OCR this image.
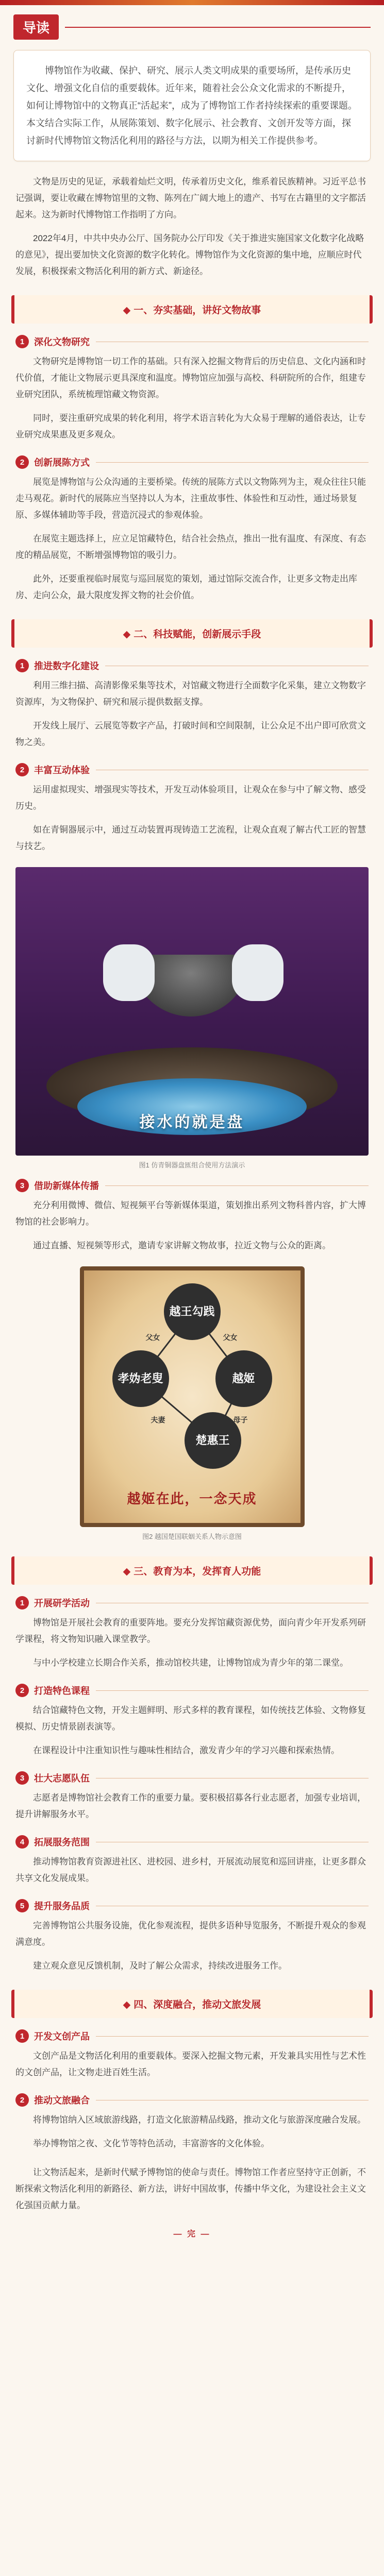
导读

博物馆作为收藏、保护、研究、展示人类文明成果的重要场所，是传承历史文化、增强文化自信的重要载体。近年来，随着社会公众文化需求的不断提升，如何让博物馆中的文物真正“活起来”，成为了博物馆工作者持续探索的重要课题。本文结合实际工作，从展陈策划、数字化展示、社会教育、文创开发等方面，探讨新时代博物馆文物活化利用的路径与方法，以期为相关工作提供参考。

文物是历史的见证，承载着灿烂文明，传承着历史文化，维系着民族精神。习近平总书记强调，要让收藏在博物馆里的文物、陈列在广阔大地上的遗产、书写在古籍里的文字都活起来。这为新时代博物馆工作指明了方向。

2022年4月，中共中央办公厅、国务院办公厅印发《关于推进实施国家文化数字化战略的意见》，提出要加快文化资源的数字化转化。博物馆作为文化资源的集中地，应顺应时代发展，积极探索文物活化利用的新方式、新途径。

◆ 一、夯实基础，讲好文物故事
1	深化文物研究

文物研究是博物馆一切工作的基础。只有深入挖掘文物背后的历史信息、文化内涵和时代价值，才能让文物展示更具深度和温度。博物馆应加强与高校、科研院所的合作，组建专业研究团队，系统梳理馆藏文物资源。

同时，要注重研究成果的转化利用，将学术语言转化为大众易于理解的通俗表达，让专业研究成果惠及更多观众。

2	创新展陈方式

展览是博物馆与公众沟通的主要桥梁。传统的展陈方式以文物陈列为主，观众往往只能走马观花。新时代的展陈应当坚持以人为本，注重故事性、体验性和互动性，通过场景复原、多媒体辅助等手段，营造沉浸式的参观体验。

在展览主题选择上，应立足馆藏特色，结合社会热点，推出一批有温度、有深度、有态度的精品展览，不断增强博物馆的吸引力。

此外，还要重视临时展览与巡回展览的策划，通过馆际交流合作，让更多文物走出库房、走向公众，最大限度发挥文物的社会价值。

◆ 二、科技赋能，创新展示手段
1	推进数字化建设

利用三维扫描、高清影像采集等技术，对馆藏文物进行全面数字化采集，建立文物数字资源库，为文物保护、研究和展示提供数据支撑。

开发线上展厅、云展览等数字产品，打破时间和空间限制，让公众足不出户即可欣赏文物之美。

2	丰富互动体验

运用虚拟现实、增强现实等技术，开发互动体验项目，让观众在参与中了解文物、感受历史。

如在青铜器展示中，通过互动装置再现铸造工艺流程，让观众直观了解古代工匠的智慧与技艺。

接水的就是盘
图1 仿青铜器盘匜组合使用方法演示
3	借助新媒体传播

充分利用微博、微信、短视频平台等新媒体渠道，策划推出系列文物科普内容，扩大博物馆的社会影响力。

通过直播、短视频等形式，邀请专家讲解文物故事，拉近文物与公众的距离。

越王勾践
越姬
楚惠王
孝妫老叟
父女	父女
母子
夫妻
越姬在此，一念天成
图2 越国楚国联姻关系人物示意图
◆ 三、教育为本，发挥育人功能
1	开展研学活动

博物馆是开展社会教育的重要阵地。要充分发挥馆藏资源优势，面向青少年开发系列研学课程，将文物知识融入课堂教学。

与中小学校建立长期合作关系，推动馆校共建，让博物馆成为青少年的第二课堂。

2	打造特色课程

结合馆藏特色文物，开发主题鲜明、形式多样的教育课程，如传统技艺体验、文物修复模拟、历史情景剧表演等。

在课程设计中注重知识性与趣味性相结合，激发青少年的学习兴趣和探索热情。

3	壮大志愿队伍

志愿者是博物馆社会教育工作的重要力量。要积极招募各行业志愿者，加强专业培训，提升讲解服务水平。

4	拓展服务范围

推动博物馆教育资源进社区、进校园、进乡村，开展流动展览和巡回讲座，让更多群众共享文化发展成果。

5	提升服务品质

完善博物馆公共服务设施，优化参观流程，提供多语种导览服务，不断提升观众的参观满意度。

建立观众意见反馈机制，及时了解公众需求，持续改进服务工作。

◆ 四、深度融合，推动文旅发展
1	开发文创产品

文创产品是文物活化利用的重要载体。要深入挖掘文物元素，开发兼具实用性与艺术性的文创产品，让文物走进百姓生活。

2	推动文旅融合

将博物馆纳入区域旅游线路，打造文化旅游精品线路，推动文化与旅游深度融合发展。

举办博物馆之夜、文化节等特色活动，丰富游客的文化体验。

让文物活起来，是新时代赋予博物馆的使命与责任。博物馆工作者应坚持守正创新，不断探索文物活化利用的新路径、新方法，讲好中国故事，传播中华文化，为建设社会主义文化强国贡献力量。

— 完 —
